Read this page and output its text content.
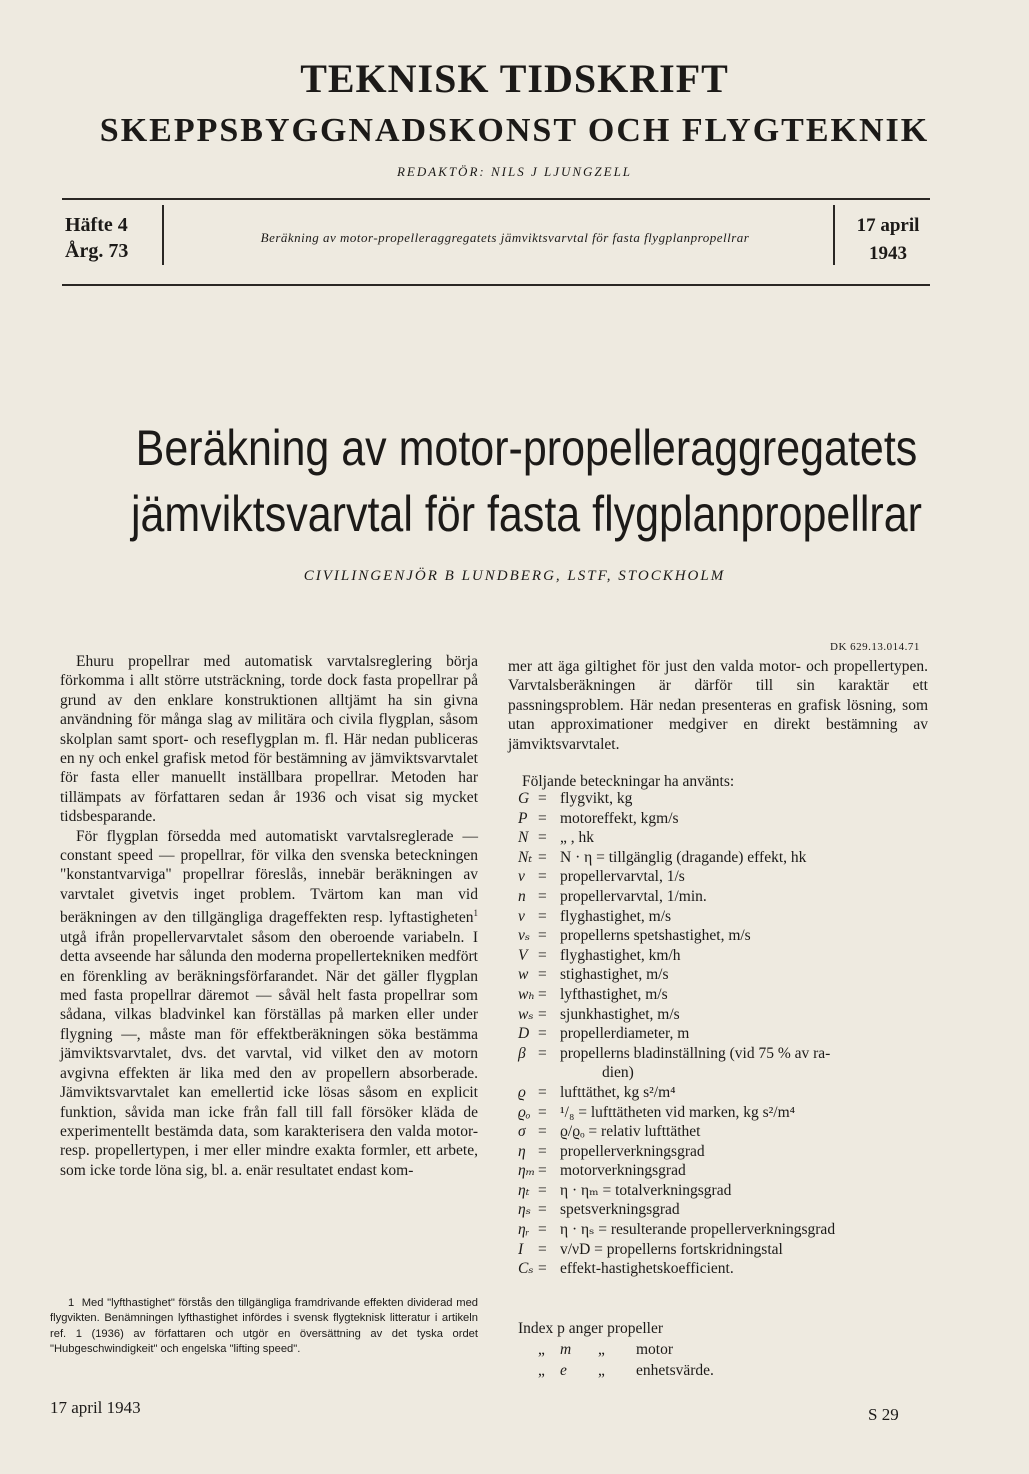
TEKNISK TIDSKRIFT
SKEPPSBYGGNADSKONST OCH FLYGTEKNIK
REDAKTÖR: NILS J LJUNGZELL
Häfte 4
Årg. 73
Beräkning av motor-propelleraggregatets jämviktsvarvtal för fasta flygplanpropellrar
17 april
1943
Beräkning av motor-propelleraggregatets
jämviktsvarvtal för fasta flygplanpropellrar
CIVILINGENJÖR B LUNDBERG, LSTF, STOCKHOLM

Ehuru propellrar med automatisk varvtalsreglering börja förkomma i allt större utsträckning, torde dock fasta propellrar på grund av den enklare konstruktionen alltjämt ha sin givna användning för många slag av militära och civila flygplan, såsom skolplan samt sport- och reseflygplan m. fl. Här nedan publiceras en ny och enkel grafisk metod för bestämning av jämviktsvarvtalet för fasta eller manuellt inställbara propellrar. Metoden har tillämpats av författaren sedan år 1936 och visat sig mycket tidsbesparande.

För flygplan försedda med automatiskt varvtalsreglerade — constant speed — propellrar, för vilka den svenska beteckningen "konstantvarviga" propellrar föreslås, innebär beräkningen av varvtalet givetvis inget problem. Tvärtom kan man vid beräkningen av den tillgängliga drageffekten resp. lyftastigheten$^1$ utgå ifrån propellervarvtalet såsom den oberoende variabeln. I detta avseende har sålunda den moderna propellertekniken medfört en förenkling av beräkningsförfarandet. När det gäller flygplan med fasta propellrar däremot — såväl helt fasta propellrar som sådana, vilkas bladvinkel kan förställas på marken eller under flygning —, måste man för effektberäkningen söka bestämma jämviktsvarvtalet, dvs. det varvtal, vid vilket den av motorn avgivna effekten är lika med den av propellern absorberade. Jämviktsvarvtalet kan emellertid icke lösas såsom en explicit funktion, såvida man icke från fall till fall försöker kläda de experimentellt bestämda data, som karakterisera den valda motor- resp. propellertypen, i mer eller mindre exakta formler, ett arbete, som icke torde löna sig, bl. a. enär resultatet endast kom-

1 Med "lyfthastighet" förstås den tillgängliga framdrivande effekten dividerad med flygvikten. Benämningen lyfthastighet infördes i svensk flygteknisk litteratur i artikeln ref. 1 (1936) av författaren och utgör en översättning av det tyska ordet "Hubgeschwindigkeit" och engelska "lifting speed".
DK 629.13.014.71

mer att äga giltighet för just den valda motor- och propellertypen. Varvtalsberäkningen är därför till sin karaktär ett passningsproblem. Här nedan presenteras en grafisk lösning, som utan approximationer medgiver en direkt bestämning av jämviktsvarvtalet.

Följande beteckningar ha använts:

G = flygvikt, kg
P = motoreffekt, kgm/s
N = „ , hk
Nₜ = N · η = tillgänglig (dragande) effekt, hk
ν = propellervarvtal, 1/s
n = propellervarvtal, 1/min.
v = flyghastighet, m/s
vₛ = propellerns spetshastighet, m/s
V = flyghastighet, km/h
w = stighastighet, m/s
wₕ = lyfthastighet, m/s
wₛ = sjunkhastighet, m/s
D = propellerdiameter, m
β = propellerns bladinställning (vid 75 % av ra-
dien)
ϱ = lufttäthet, kg s²/m⁴
ϱₒ = ¹/₈ = lufttätheten vid marken, kg s²/m⁴
σ = ϱ/ϱₒ = relativ lufttäthet
η = propellerverkningsgrad
ηₘ = motorverkningsgrad
ηₜ = η · ηₘ = totalverkningsgrad
ηₛ = spetsverkningsgrad
ηᵣ = η · ηₛ = resulterande propellerverkningsgrad
I = v/νD = propellerns fortskridningstal
Cₛ = effekt-hastighetskoefficient.
Index p anger propeller
„ m	„	motor
„ e	„	enhetsvärde.
17 april 1943	S 29
